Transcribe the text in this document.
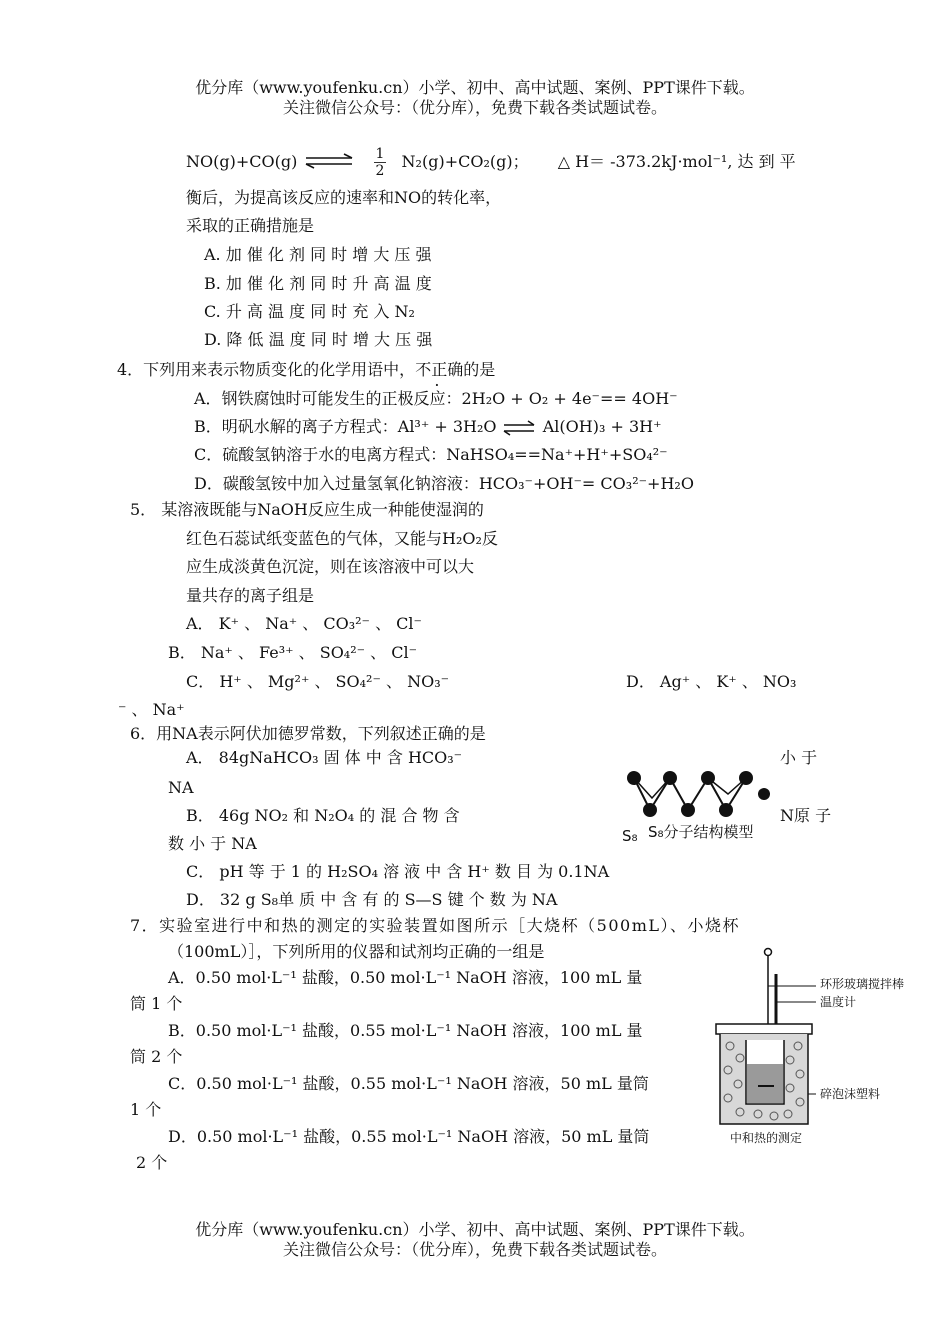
优分库（www.youfenku.cn）小学、初中、高中试题、案例、PPT课件下载。
关注微信公众号：（优分库），免费下载各类试题试卷。
NO(g)+CO(g) ⇌ $\frac{1}{2} N_2(g)+CO_2(g)$； △ H＝ -373.2kJ·mol⁻¹, 达 到 平
衡后，为提高该反应的速率和NO的转化率，
采取的正确措施是
A. 加 催 化 剂 同 时 增 大 压 强
B. 加 催 化 剂 同 时 升 高 温 度
C. 升 高 温 度 同 时 充 入 N₂
D. 降 低 温 度 同 时 增 大 压 强
4．下列用来表示物质变化的化学用语中，不正确的是
A．钢铁腐蚀时可能发生的正极反应：2H₂O + O₂ + 4e⁻== 4OH⁻
B．明矾水解的离子方程式：Al³⁺ + 3H₂O ⇌ Al(OH)₃ + 3H⁺
C．硫酸氢钠溶于水的电离方程式：NaHSO₄==Na⁺+H⁺+SO₄²⁻
D．碳酸氢铵中加入过量氢氧化钠溶液：HCO₃⁻+OH⁻= CO₃²⁻+H₂O
5． 某溶液既能与NaOH反应生成一种能使湿润的
红色石蕊试纸变蓝色的气体，又能与H₂O₂反
应生成淡黄色沉淀，则在该溶液中可以大
量共存的离子组是
A． K⁺ 、 Na⁺ 、 CO₃²⁻ 、 Cl⁻
B． Na⁺ 、 Fe³⁺ 、 SO₄²⁻ 、 Cl⁻
C． H⁺ 、 Mg²⁺ 、 SO₄²⁻ 、 NO₃⁻	D． Ag⁺ 、 K⁺ 、 NO₃
⁻ 、 Na⁺
6．用NA表示阿伏加德罗常数，下列叙述正确的是
A． 84gNaHCO₃ 固 体 中 含 HCO₃⁻	小 于
NA
B． 46g NO₂ 和 N₂O₄ 的 混 合 物 含	N原 子
数 小 于 NA
C． pH 等 于 1 的 H₂SO₄ 溶 液 中 含 H⁺ 数 目 为 0.1NA
D． 32 g S₈单 质 中 含 有 的 S—S 键 个 数 为 NA
S₈ S₈分子结构模型
7．实验室进行中和热的测定的实验装置如图所示［大烧杯（500mL）、小烧杯
（100mL）］，下列所用的仪器和试剂均正确的一组是
A．0.50 mol·L⁻¹ 盐酸，0.50 mol·L⁻¹ NaOH 溶液，100 mL 量
筒 1 个
B．0.50 mol·L⁻¹ 盐酸，0.55 mol·L⁻¹ NaOH 溶液，100 mL 量
筒 2 个
C．0.50 mol·L⁻¹ 盐酸，0.55 mol·L⁻¹ NaOH 溶液，50 mL 量筒
1 个
D．0.50 mol·L⁻¹ 盐酸，0.55 mol·L⁻¹ NaOH 溶液，50 mL 量筒
2 个
环形玻璃搅拌棒
温度计
碎泡沫塑料
中和热的测定
优分库（www.youfenku.cn）小学、初中、高中试题、案例、PPT课件下载。
关注微信公众号：（优分库），免费下载各类试题试卷。
